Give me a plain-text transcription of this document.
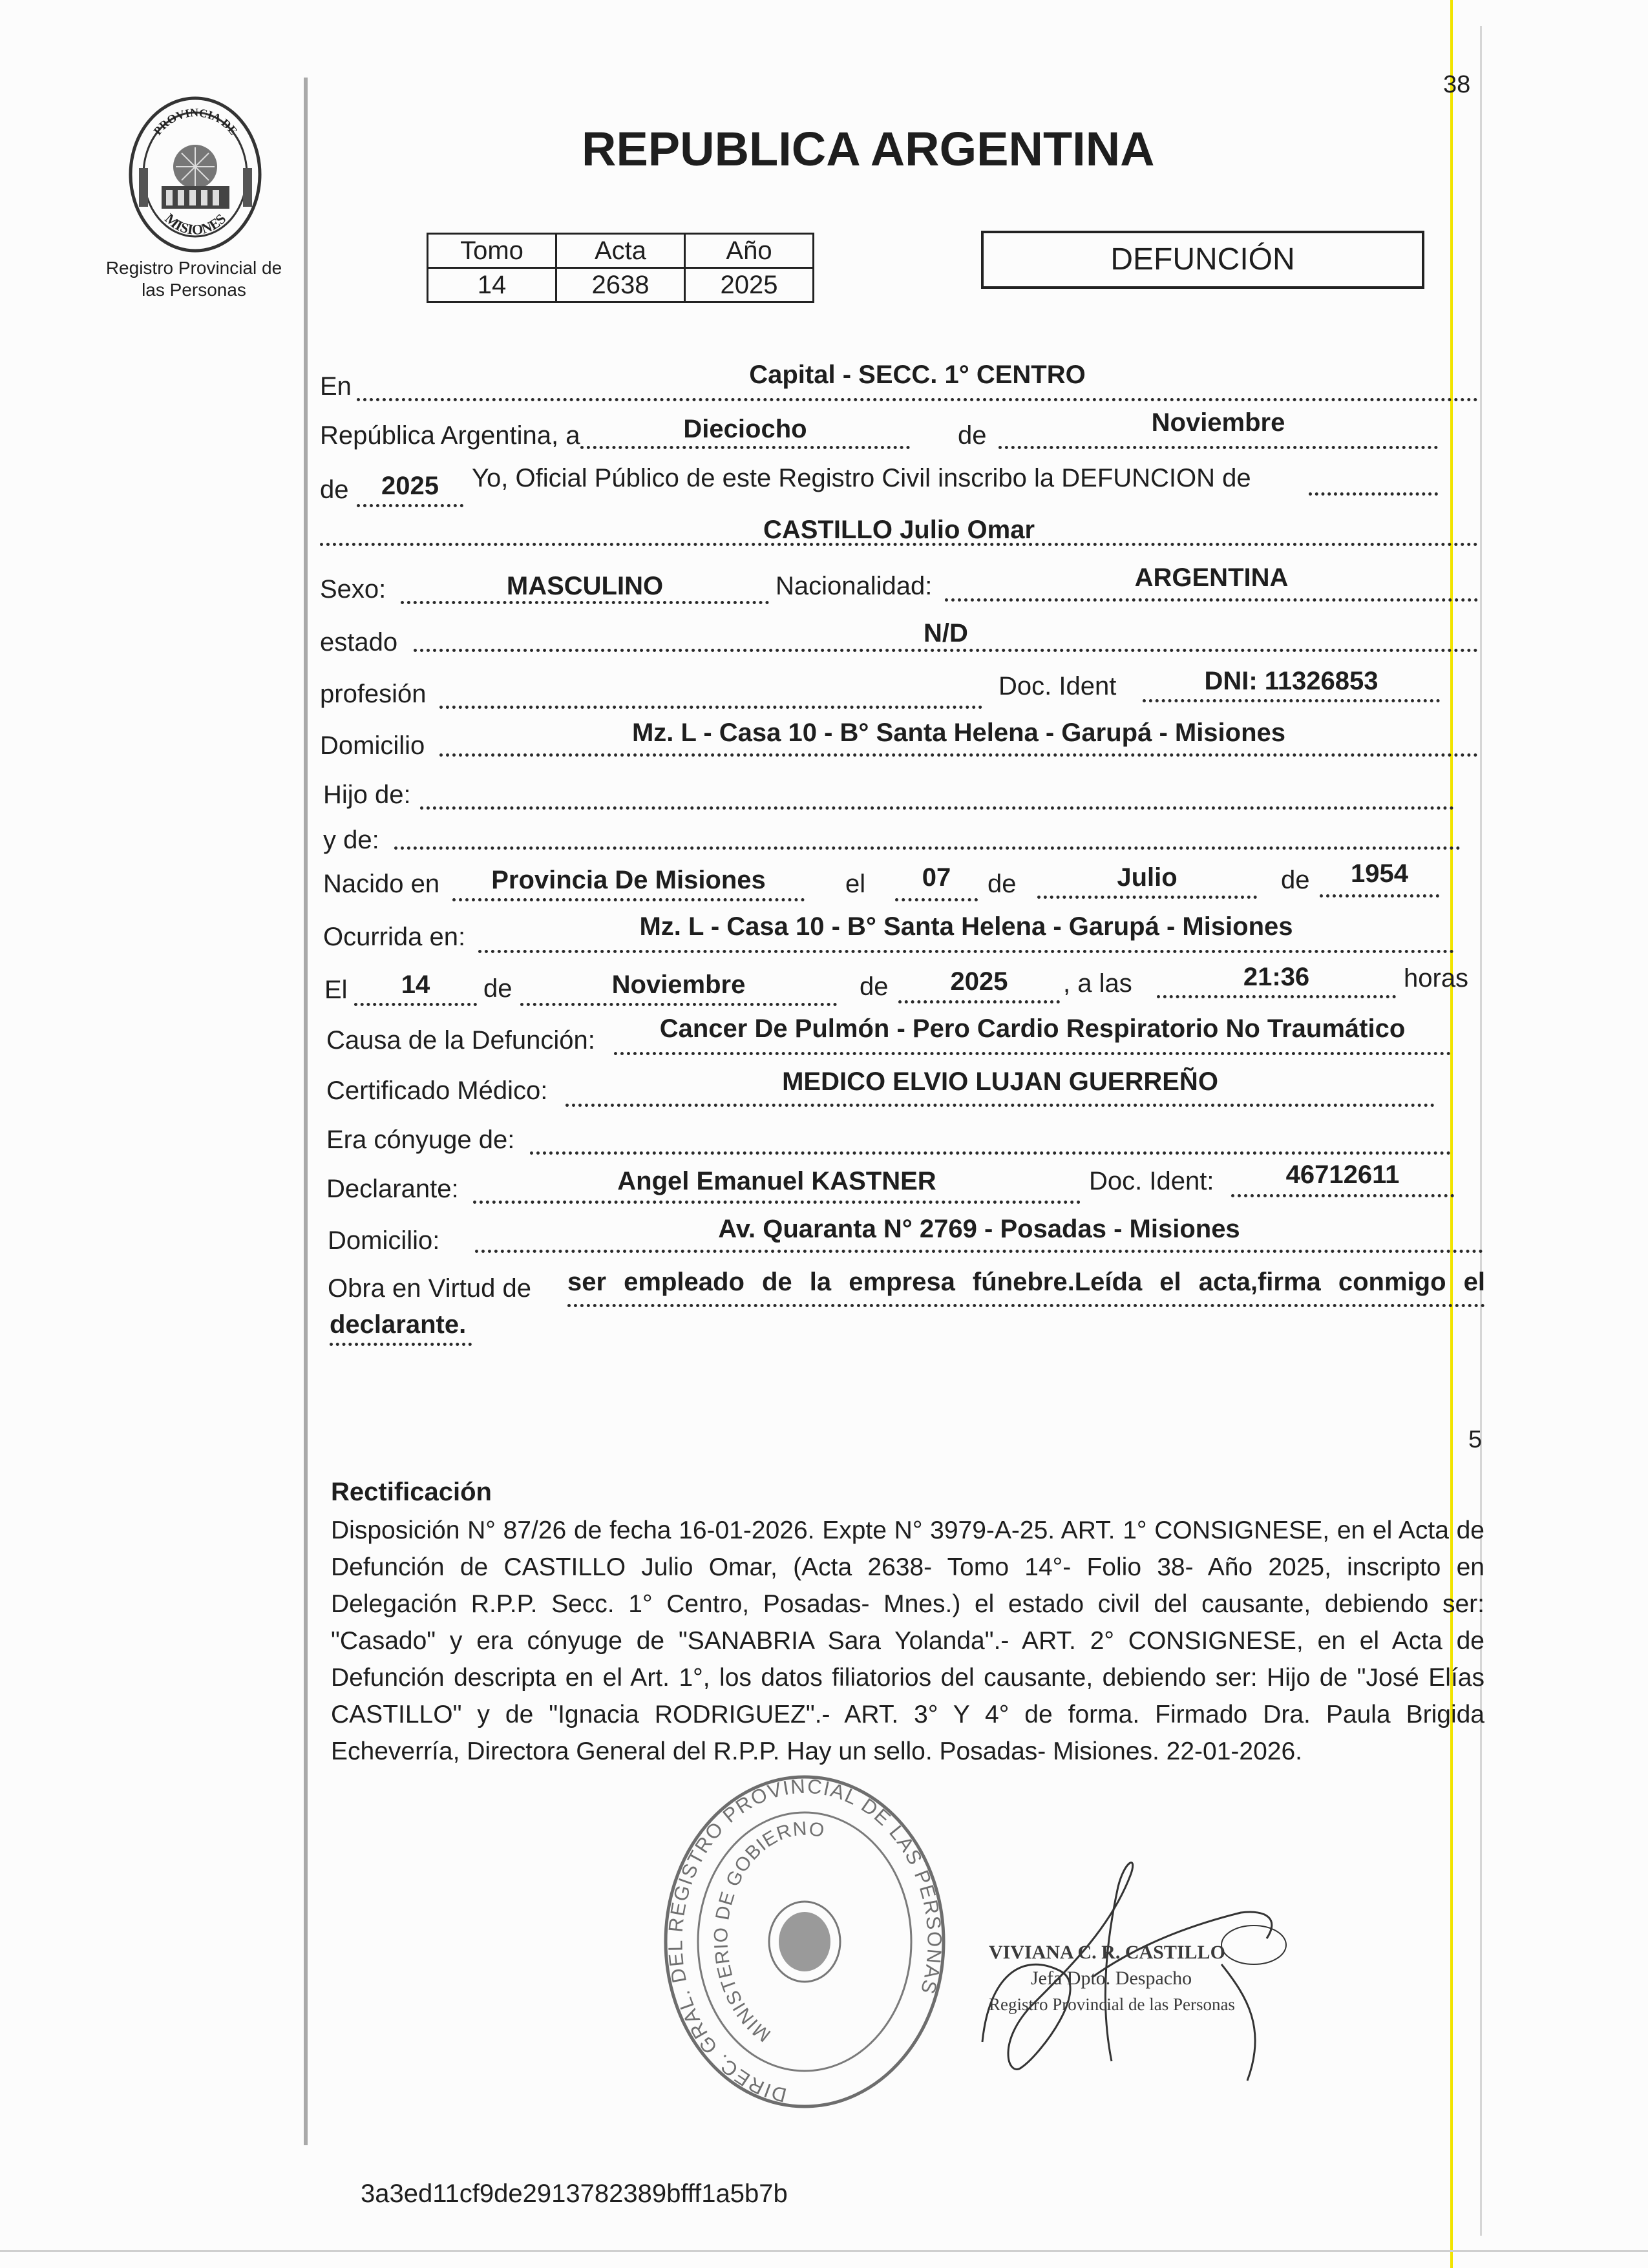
38
PROVINCIA DE
MISIONES
Registro Provincial de
las Personas
REPUBLICA ARGENTINA
Tomo	Acta	Año
14	2638	2025
DEFUNCIÓN
En	Capital - SECC. 1° CENTRO
República Argentina, a	Dieciocho	de	Noviembre
de	2025	Yo, Oficial Público de este Registro Civil inscribo la DEFUNCION de
CASTILLO Julio Omar
Sexo:	MASCULINO	Nacionalidad:	ARGENTINA
estado	N/D
profesión	Doc. Ident	DNI: 11326853
Domicilio	Mz. L - Casa 10 - B° Santa Helena - Garupá - Misiones
Hijo de:
y de:
Nacido en	Provincia De Misiones	el	07	de	Julio	de	1954
Ocurrida en:	Mz. L - Casa 10 - B° Santa Helena - Garupá - Misiones
El	14	de	Noviembre	de	2025	, a las	21:36	horas
Causa de la Defunción:	Cancer De Pulmón - Pero Cardio Respiratorio No Traumático
Certificado Médico:	MEDICO ELVIO LUJAN GUERREÑO
Era cónyuge de:
Declarante:	Angel Emanuel KASTNER	Doc. Ident:	46712611
Domicilio:	Av. Quaranta N° 2769 - Posadas - Misiones
Obra en Virtud de ser empleado de la empresa fúnebre.Leída el acta,firma conmigo el
declarante.
5
Rectificación
Disposición N° 87/26 de fecha 16-01-2026. Expte N° 3979-A-25. ART. 1° CONSIGNESE, en el Acta de Defunción de CASTILLO Julio Omar, (Acta 2638- Tomo 14°- Folio 38- Año 2025, inscripto en Delegación R.P.P. Secc. 1° Centro, Posadas- Mnes.) el estado civil del causante, debiendo ser: "Casado" y era cónyuge de "SANABRIA Sara Yolanda".- ART. 2° CONSIGNESE, en el Acta de Defunción descripta en el Art. 1°, los datos filiatorios del causante, debiendo ser: Hijo de "José Elías CASTILLO" y de "Ignacia RODRIGUEZ".- ART. 3° Y 4° de forma. Firmado Dra. Paula Brigida Echeverría, Directora General del R.P.P. Hay un sello. Posadas- Misiones. 22-01-2026.
DIREC. GRAL. DEL REGISTRO PROVINCIAL DE LAS PERSONAS
MINISTERIO DE GOBIERNO
VIVIANA C. R. CASTILLO
Jefa Dpto. Despacho
Registro Provincial de las Personas
3a3ed11cf9de2913782389bfff1a5b7b
